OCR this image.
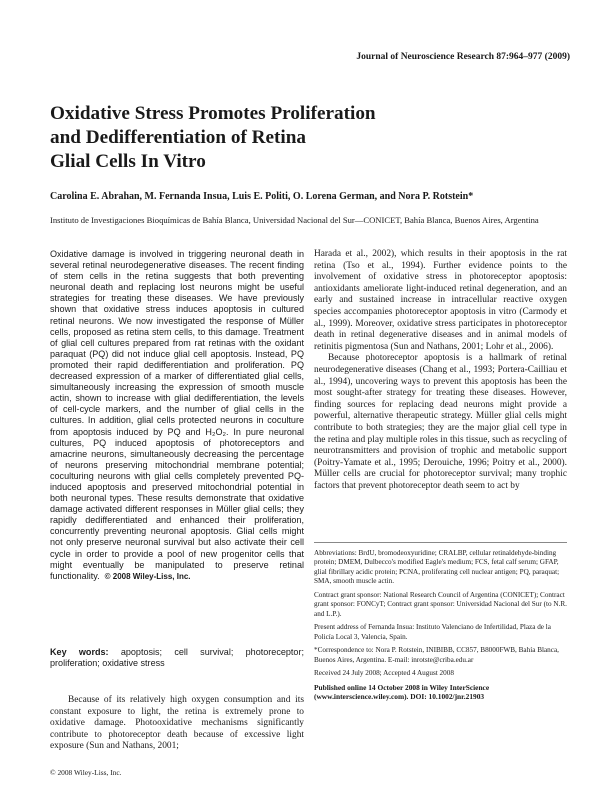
Journal of Neuroscience Research 87:964–977 (2009)
Oxidative Stress Promotes Proliferation
and Dedifferentiation of Retina
Glial Cells In Vitro
Carolina E. Abrahan, M. Fernanda Insua, Luis E. Politi, O. Lorena German, and Nora P. Rotstein*
Instituto de Investigaciones Bioquímicas de Bahía Blanca, Universidad Nacional del Sur—CONICET, Bahía Blanca, Buenos Aires, Argentina
Oxidative damage is involved in triggering neuronal death in several retinal neurodegenerative diseases. The recent finding of stem cells in the retina suggests that both preventing neuronal death and replacing lost neurons might be useful strategies for treating these diseases. We have previously shown that oxidative stress induces apoptosis in cultured retinal neurons. We now investigated the response of Müller cells, proposed as retina stem cells, to this damage. Treatment of glial cell cultures prepared from rat retinas with the oxidant paraquat (PQ) did not induce glial cell apoptosis. Instead, PQ promoted their rapid dedifferentiation and proliferation. PQ decreased expression of a marker of differentiated glial cells, simultaneously increasing the expression of smooth muscle actin, shown to increase with glial dedifferentiation, the levels of cell-cycle markers, and the number of glial cells in the cultures. In addition, glial cells protected neurons in coculture from apoptosis induced by PQ and H₂O₂. In pure neuronal cultures, PQ induced apoptosis of photoreceptors and amacrine neurons, simultaneously decreasing the percentage of neurons preserving mitochondrial membrane potential; coculturing neurons with glial cells completely prevented PQ-induced apoptosis and preserved mitochondrial potential in both neuronal types. These results demonstrate that oxidative damage activated different responses in Müller glial cells; they rapidly dedifferentiated and enhanced their proliferation, concurrently preventing neuronal apoptosis. Glial cells might not only preserve neuronal survival but also activate their cell cycle in order to provide a pool of new progenitor cells that might eventually be manipulated to preserve retinal functionality. © 2008 Wiley-Liss, Inc.
Key words: apoptosis; cell survival; photoreceptor; proliferation; oxidative stress

Because of its relatively high oxygen consumption and its constant exposure to light, the retina is extremely prone to oxidative damage. Photooxidative mechanisms significantly contribute to photoreceptor death because of excessive light exposure (Sun and Nathans, 2001;

Harada et al., 2002), which results in their apoptosis in the rat retina (Tso et al., 1994). Further evidence points to the involvement of oxidative stress in photoreceptor apoptosis: antioxidants ameliorate light-induced retinal degeneration, and an early and sustained increase in intracellular reactive oxygen species accompanies photoreceptor apoptosis in vitro (Carmody et al., 1999). Moreover, oxidative stress participates in photoreceptor death in retinal degenerative diseases and in animal models of retinitis pigmentosa (Sun and Nathans, 2001; Lohr et al., 2006).

Because photoreceptor apoptosis is a hallmark of retinal neurodegenerative diseases (Chang et al., 1993; Portera-Cailliau et al., 1994), uncovering ways to prevent this apoptosis has been the most sought-after strategy for treating these diseases. However, finding sources for replacing dead neurons might provide a powerful, alternative therapeutic strategy. Müller glial cells might contribute to both strategies; they are the major glial cell type in the retina and play multiple roles in this tissue, such as recycling of neurotransmitters and provision of trophic and metabolic support (Poitry-Yamate et al., 1995; Derouiche, 1996; Poitry et al., 2000). Müller cells are crucial for photoreceptor survival; many trophic factors that prevent photoreceptor death seem to act by

Abbreviations: BrdU, bromodeoxyuridine; CRALBP, cellular retinaldehyde-binding protein; DMEM, Dulbecco's modified Eagle's medium; FCS, fetal calf serum; GFAP, glial fibrillary acidic protein; PCNA, proliferating cell nuclear antigen; PQ, paraquat; SMA, smooth muscle actin.

Contract grant sponsor: National Research Council of Argentina (CONICET); Contract grant sponsor: FONCyT; Contract grant sponsor: Universidad Nacional del Sur (to N.R. and L.P.).

Present address of Fernanda Insua: Instituto Valenciano de Infertilidad, Plaza de la Policía Local 3, Valencia, Spain.

*Correspondence to: Nora P. Rotstein, INIBIBB, CC857, B8000FWB, Bahía Blanca, Buenos Aires, Argentina. E-mail: inrotste@criba.edu.ar

Received 24 July 2008; Accepted 4 August 2008

Published online 14 October 2008 in Wiley InterScience (www.interscience.wiley.com). DOI: 10.1002/jnr.21903

© 2008 Wiley-Liss, Inc.
